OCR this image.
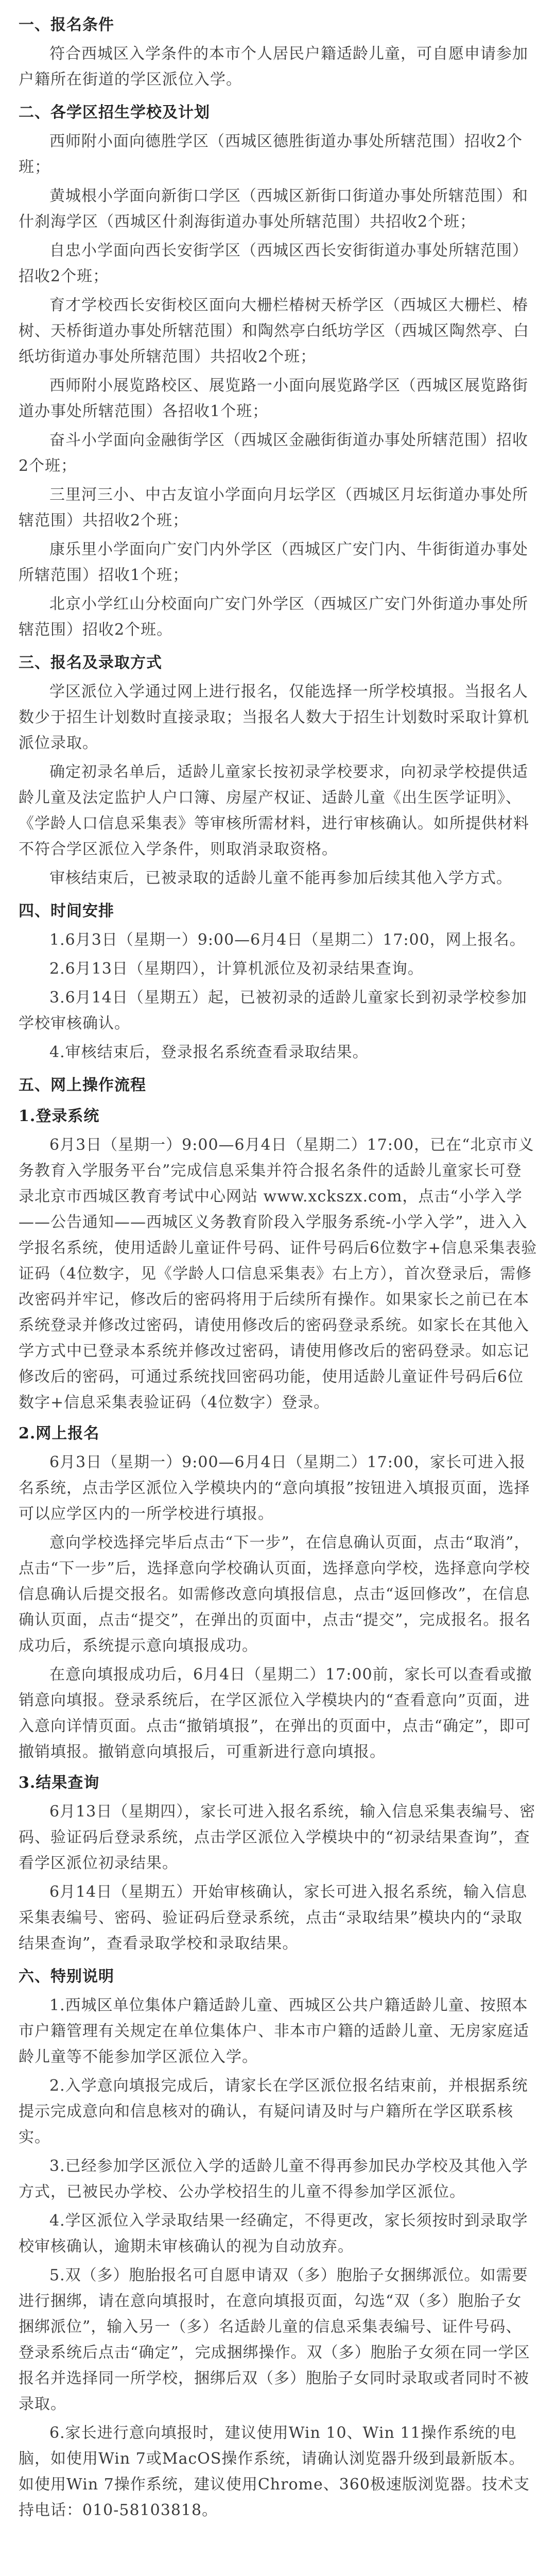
一、报名条件

符合西城区入学条件的本市个人居民户籍适龄儿童，可自愿申请参加户籍所在街道的学区派位入学。

二、各学区招生学校及计划

西师附小面向德胜学区（西城区德胜街道办事处所辖范围）招收2个班；

黄城根小学面向新街口学区（西城区新街口街道办事处所辖范围）和什刹海学区（西城区什刹海街道办事处所辖范围）共招收2个班；

自忠小学面向西长安街学区（西城区西长安街街道办事处所辖范围）招收2个班；

育才学校西长安街校区面向大栅栏椿树天桥学区（西城区大栅栏、椿树、天桥街道办事处所辖范围）和陶然亭白纸坊学区（西城区陶然亭、白纸坊街道办事处所辖范围）共招收2个班；

西师附小展览路校区、展览路一小面向展览路学区（西城区展览路街道办事处所辖范围）各招收1个班；

奋斗小学面向金融街学区（西城区金融街街道办事处所辖范围）招收2个班；

三里河三小、中古友谊小学面向月坛学区（西城区月坛街道办事处所辖范围）共招收2个班；

康乐里小学面向广安门内外学区（西城区广安门内、牛街街道办事处所辖范围）招收1个班；

北京小学红山分校面向广安门外学区（西城区广安门外街道办事处所辖范围）招收2个班。

三、报名及录取方式

学区派位入学通过网上进行报名，仅能选择一所学校填报。当报名人数少于招生计划数时直接录取；当报名人数大于招生计划数时采取计算机派位录取。

确定初录名单后，适龄儿童家长按初录学校要求，向初录学校提供适龄儿童及法定监护人户口簿、房屋产权证、适龄儿童《出生医学证明》、《学龄人口信息采集表》等审核所需材料，进行审核确认。如所提供材料不符合学区派位入学条件，则取消录取资格。

审核结束后，已被录取的适龄儿童不能再参加后续其他入学方式。

四、时间安排

1.6月3日（星期一）9:00—6月4日（星期二）17:00，网上报名。

2.6月13日（星期四），计算机派位及初录结果查询。

3.6月14日（星期五）起，已被初录的适龄儿童家长到初录学校参加学校审核确认。

4.审核结束后，登录报名系统查看录取结果。

五、网上操作流程

1.登录系统

6月3日（星期一）9:00—6月4日（星期二）17:00，已在“北京市义务教育入学服务平台”完成信息采集并符合报名条件的适龄儿童家长可登录北京市西城区教育考试中心网站 www.xckszx.com，点击“小学入学——公告通知——西城区义务教育阶段入学服务系统-小学入学”，进入入学报名系统，使用适龄儿童证件号码、证件号码后6位数字+信息采集表验证码（4位数字，见《学龄人口信息采集表》右上方），首次登录后，需修改密码并牢记，修改后的密码将用于后续所有操作。如果家长之前已在本系统登录并修改过密码，请使用修改后的密码登录系统。如家长在其他入学方式中已登录本系统并修改过密码，请使用修改后的密码登录。如忘记修改后的密码，可通过系统找回密码功能，使用适龄儿童证件号码后6位数字+信息采集表验证码（4位数字）登录。

2.网上报名

6月3日（星期一）9:00—6月4日（星期二）17:00，家长可进入报名系统，点击学区派位入学模块内的“意向填报”按钮进入填报页面，选择可以应学区内的一所学校进行填报。

意向学校选择完毕后点击“下一步”，在信息确认页面，点击“取消”，点击“下一步”后，选择意向学校确认页面，选择意向学校，选择意向学校信息确认后提交报名。如需修改意向填报信息，点击“返回修改”，在信息确认页面，点击“提交”，在弹出的页面中，点击“提交”，完成报名。报名成功后，系统提示意向填报成功。

在意向填报成功后，6月4日（星期二）17:00前，家长可以查看或撤销意向填报。登录系统后，在学区派位入学模块内的“查看意向”页面，进入意向详情页面。点击“撤销填报”，在弹出的页面中，点击“确定”，即可撤销填报。撤销意向填报后，可重新进行意向填报。

3.结果查询

6月13日（星期四），家长可进入报名系统，输入信息采集表编号、密码、验证码后登录系统，点击学区派位入学模块中的“初录结果查询”，查看学区派位初录结果。

6月14日（星期五）开始审核确认，家长可进入报名系统，输入信息采集表编号、密码、验证码后登录系统，点击“录取结果”模块内的“录取结果查询”，查看录取学校和录取结果。

六、特别说明

1.西城区单位集体户籍适龄儿童、西城区公共户籍适龄儿童、按照本市户籍管理有关规定在单位集体户、非本市户籍的适龄儿童、无房家庭适龄儿童等不能参加学区派位入学。

2.入学意向填报完成后，请家长在学区派位报名结束前，并根据系统提示完成意向和信息核对的确认，有疑问请及时与户籍所在学区联系核实。

3.已经参加学区派位入学的适龄儿童不得再参加民办学校及其他入学方式，已被民办学校、公办学校招生的儿童不得参加学区派位。

4.学区派位入学录取结果一经确定，不得更改，家长须按时到录取学校审核确认，逾期未审核确认的视为自动放弃。

5.双（多）胞胎报名可自愿申请双（多）胞胎子女捆绑派位。如需要进行捆绑，请在意向填报时，在意向填报页面，勾选“双（多）胞胎子女捆绑派位”，输入另一（多）名适龄儿童的信息采集表编号、证件号码、登录系统后点击“确定”，完成捆绑操作。双（多）胞胎子女须在同一学区报名并选择同一所学校，捆绑后双（多）胞胎子女同时录取或者同时不被录取。

6.家长进行意向填报时，建议使用Win 10、Win 11操作系统的电脑，如使用Win 7或MacOS操作系统，请确认浏览器升级到最新版本。如使用Win 7操作系统，建议使用Chrome、360极速版浏览器。技术支持电话：010-58103818。
